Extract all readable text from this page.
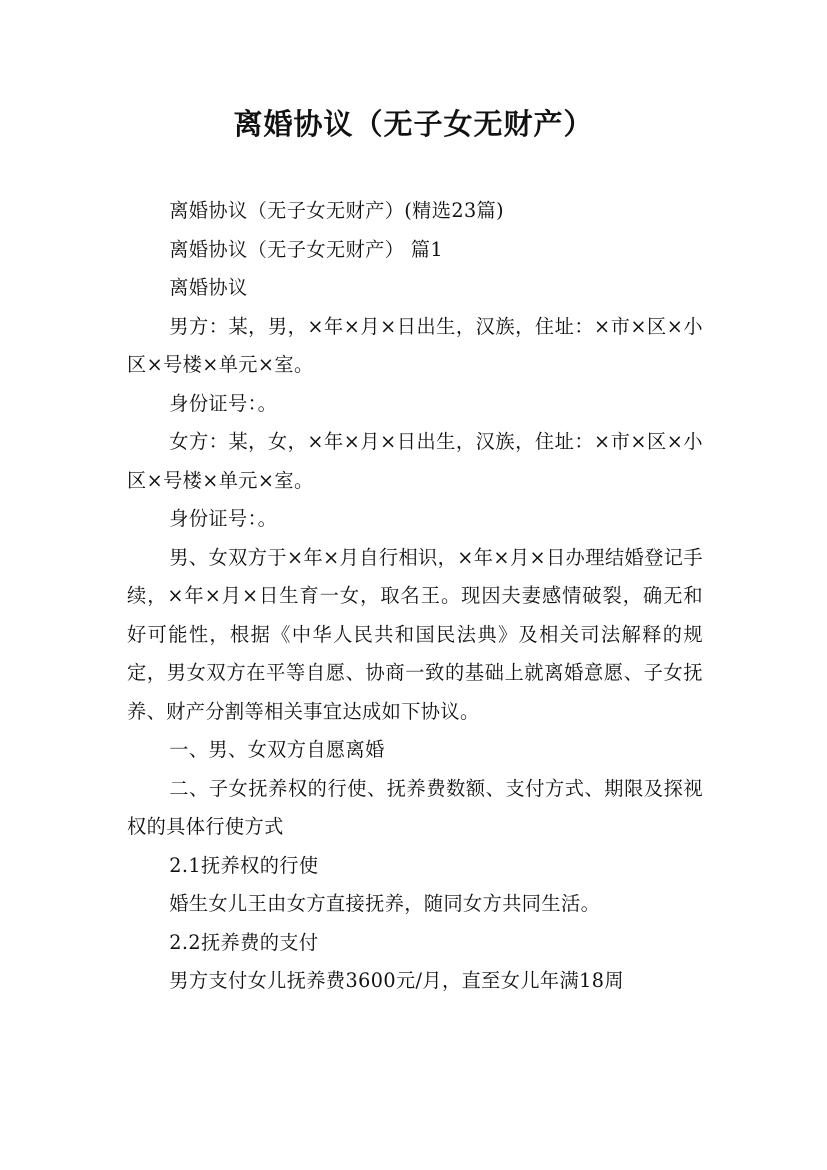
离婚协议（无子女无财产）

离婚协议（无子女无财产）(精选23篇)

离婚协议（无子女无财产） 篇1

离婚协议

男方：某，男，×年×月×日出生，汉族，住址：×市×区×小区×号楼×单元×室。

身份证号：。

女方：某，女，×年×月×日出生，汉族，住址：×市×区×小区×号楼×单元×室。

身份证号：。

男、女双方于×年×月自行相识，×年×月×日办理结婚登记手续，×年×月×日生育一女，取名王。现因夫妻感情破裂，确无和好可能性，根据《中华人民共和国民法典》及相关司法解释的规定，男女双方在平等自愿、协商一致的基础上就离婚意愿、子女抚养、财产分割等相关事宜达成如下协议。

一、男、女双方自愿离婚

二、子女抚养权的行使、抚养费数额、支付方式、期限及探视权的具体行使方式

2.1抚养权的行使

婚生女儿王由女方直接抚养，随同女方共同生活。

2.2抚养费的支付

男方支付女儿抚养费3600元/月，直至女儿年满18周
